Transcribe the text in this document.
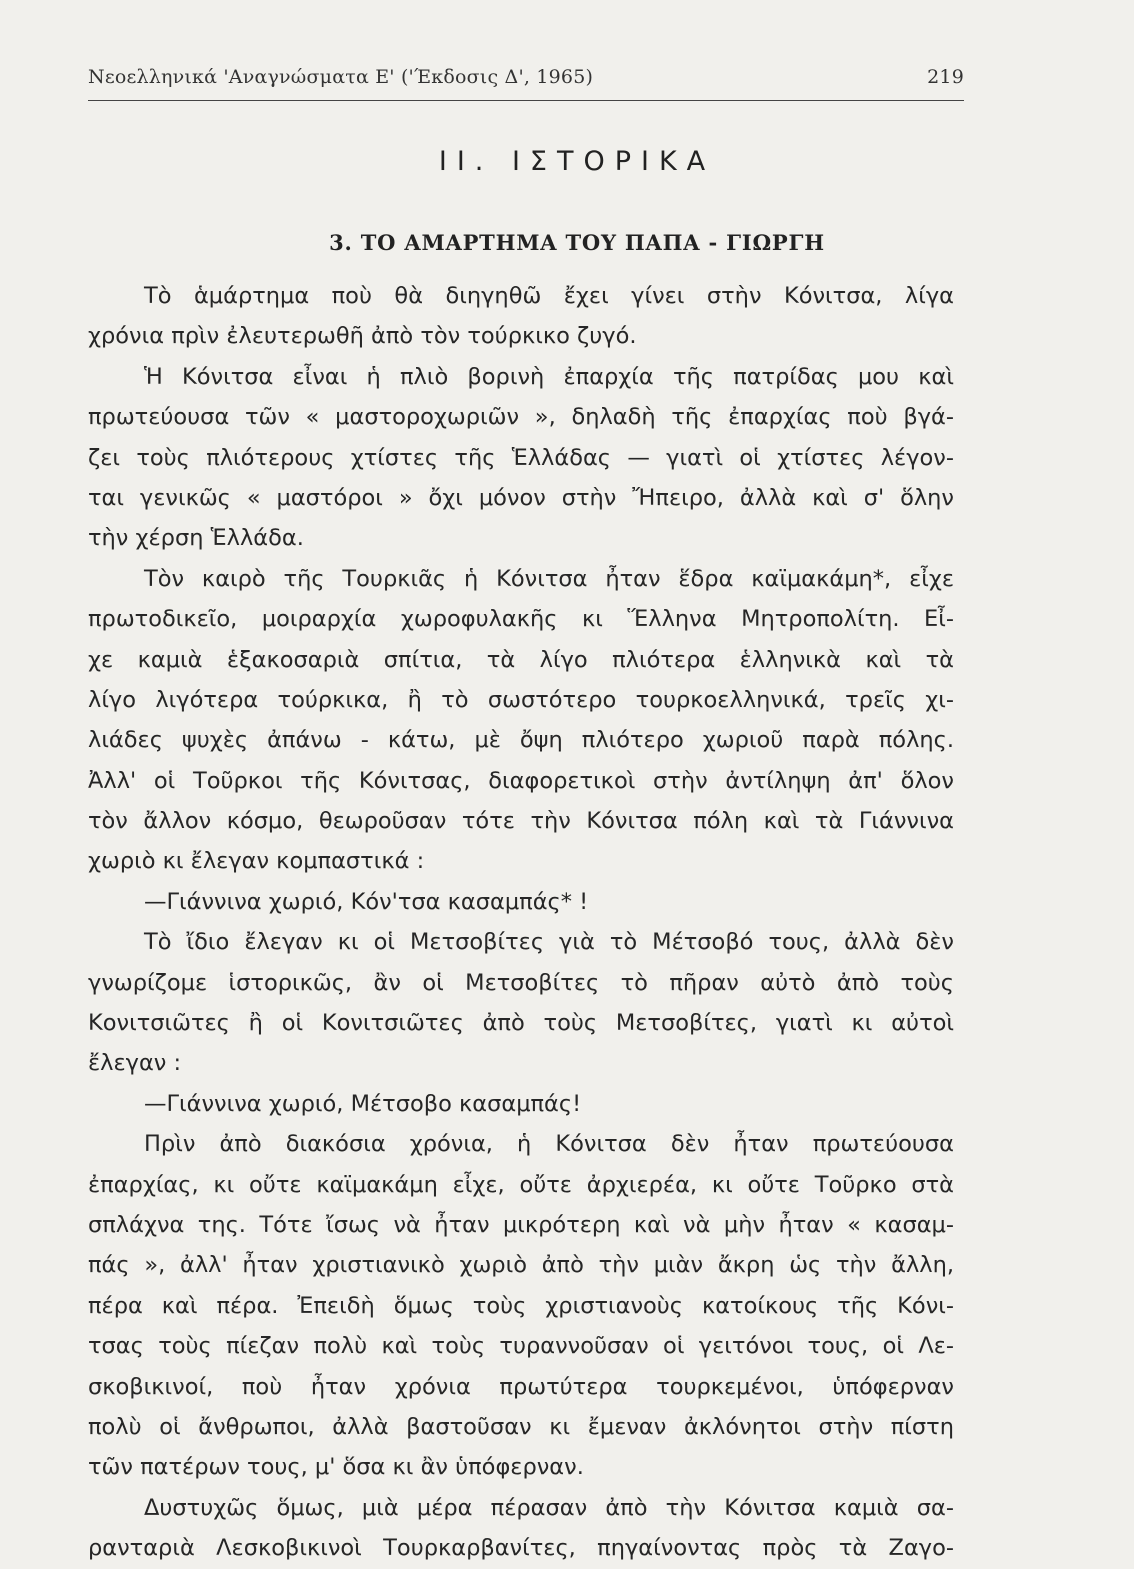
Νεοελληνικά 'Αναγνώσματα Ε' ('Έκδοσις Δ', 1965)	219
ΙΙ. ΙΣΤΟΡΙΚΑ
3. ΤΟ ΑΜΑΡΤΗΜΑ ΤΟΥ ΠΑΠΑ - ΓΙΩΡΓΗ
Τὸ ἁμάρτημα ποὺ θὰ διηγηθῶ ἔχει γίνει στὴν Κόνιτσα, λίγα
χρόνια πρὶν ἐλευτερωθῆ ἀπὸ τὸν τούρκικο ζυγό.
Ἡ Κόνιτσα εἶναι ἡ πλιὸ βορινὴ ἐπαρχία τῆς πατρίδας μου καὶ
πρωτεύουσα τῶν « μαστοροχωριῶν », δηλαδὴ τῆς ἐπαρχίας ποὺ βγά-
ζει τοὺς πλιότερους χτίστες τῆς Ἑλλάδας — γιατὶ οἱ χτίστες λέγον-
ται γενικῶς « μαστόροι » ὄχι μόνον στὴν Ἤπειρο, ἀλλὰ καὶ σ' ὅλην
τὴν χέρση Ἑλλάδα.
Τὸν καιρὸ τῆς Τουρκιᾶς ἡ Κόνιτσα ἦταν ἕδρα καϊμακάμη*, εἶχε
πρωτοδικεῖο, μοιραρχία χωροφυλακῆς κι Ἕλληνα Μητροπολίτη. Εἶ-
χε καμιὰ ἑξακοσαριὰ σπίτια, τὰ λίγο πλιότερα ἑλληνικὰ καὶ τὰ
λίγο λιγότερα τούρκικα, ἢ τὸ σωστότερο τουρκοελληνικά, τρεῖς χι-
λιάδες ψυχὲς ἀπάνω - κάτω, μὲ ὄψη πλιότερο χωριοῦ παρὰ πόλης.
Ἀλλ' οἱ Τοῦρκοι τῆς Κόνιτσας, διαφορετικοὶ στὴν ἀντίληψη ἀπ' ὅλον
τὸν ἄλλον κόσμο, θεωροῦσαν τότε τὴν Κόνιτσα πόλη καὶ τὰ Γιάννινα
χωριὸ κι ἔλεγαν κομπαστικά :
—Γιάννινα χωριό, Κόν'τσα κασαμπάς* !
Τὸ ἴδιο ἔλεγαν κι οἱ Μετσοβίτες γιὰ τὸ Μέτσοβό τους, ἀλλὰ δὲν
γνωρίζομε ἱστορικῶς, ἂν οἱ Μετσοβίτες τὸ πῆραν αὐτὸ ἀπὸ τοὺς
Κονιτσιῶτες ἢ οἱ Κονιτσιῶτες ἀπὸ τοὺς Μετσοβίτες, γιατὶ κι αὐτοὶ
ἔλεγαν :
—Γιάννινα χωριό, Μέτσοβο κασαμπάς!
Πρὶν ἀπὸ διακόσια χρόνια, ἡ Κόνιτσα δὲν ἦταν πρωτεύουσα
ἐπαρχίας, κι οὔτε καϊμακάμη εἶχε, οὔτε ἀρχιερέα, κι οὔτε Τοῦρκο στὰ
σπλάχνα της. Τότε ἴσως νὰ ἦταν μικρότερη καὶ νὰ μὴν ἦταν « κασαμ-
πάς », ἀλλ' ἦταν χριστιανικὸ χωριὸ ἀπὸ τὴν μιὰν ἄκρη ὡς τὴν ἄλλη,
πέρα καὶ πέρα. Ἐπειδὴ ὅμως τοὺς χριστιανοὺς κατοίκους τῆς Κόνι-
τσας τοὺς πίεζαν πολὺ καὶ τοὺς τυραννοῦσαν οἱ γειτόνοι τους, οἱ Λε-
σκοβικινοί, ποὺ ἦταν χρόνια πρωτύτερα τουρκεμένοι, ὑπόφερναν
πολὺ οἱ ἄνθρωποι, ἀλλὰ βαστοῦσαν κι ἔμεναν ἀκλόνητοι στὴν πίστη
τῶν πατέρων τους, μ' ὅσα κι ἂν ὑπόφερναν.
Δυστυχῶς ὅμως, μιὰ μέρα πέρασαν ἀπὸ τὴν Κόνιτσα καμιὰ σα-
ρανταριὰ Λεσκοβικινοὶ Τουρκαρβανίτες, πηγαίνοντας πρὸς τὰ Ζαγο-
